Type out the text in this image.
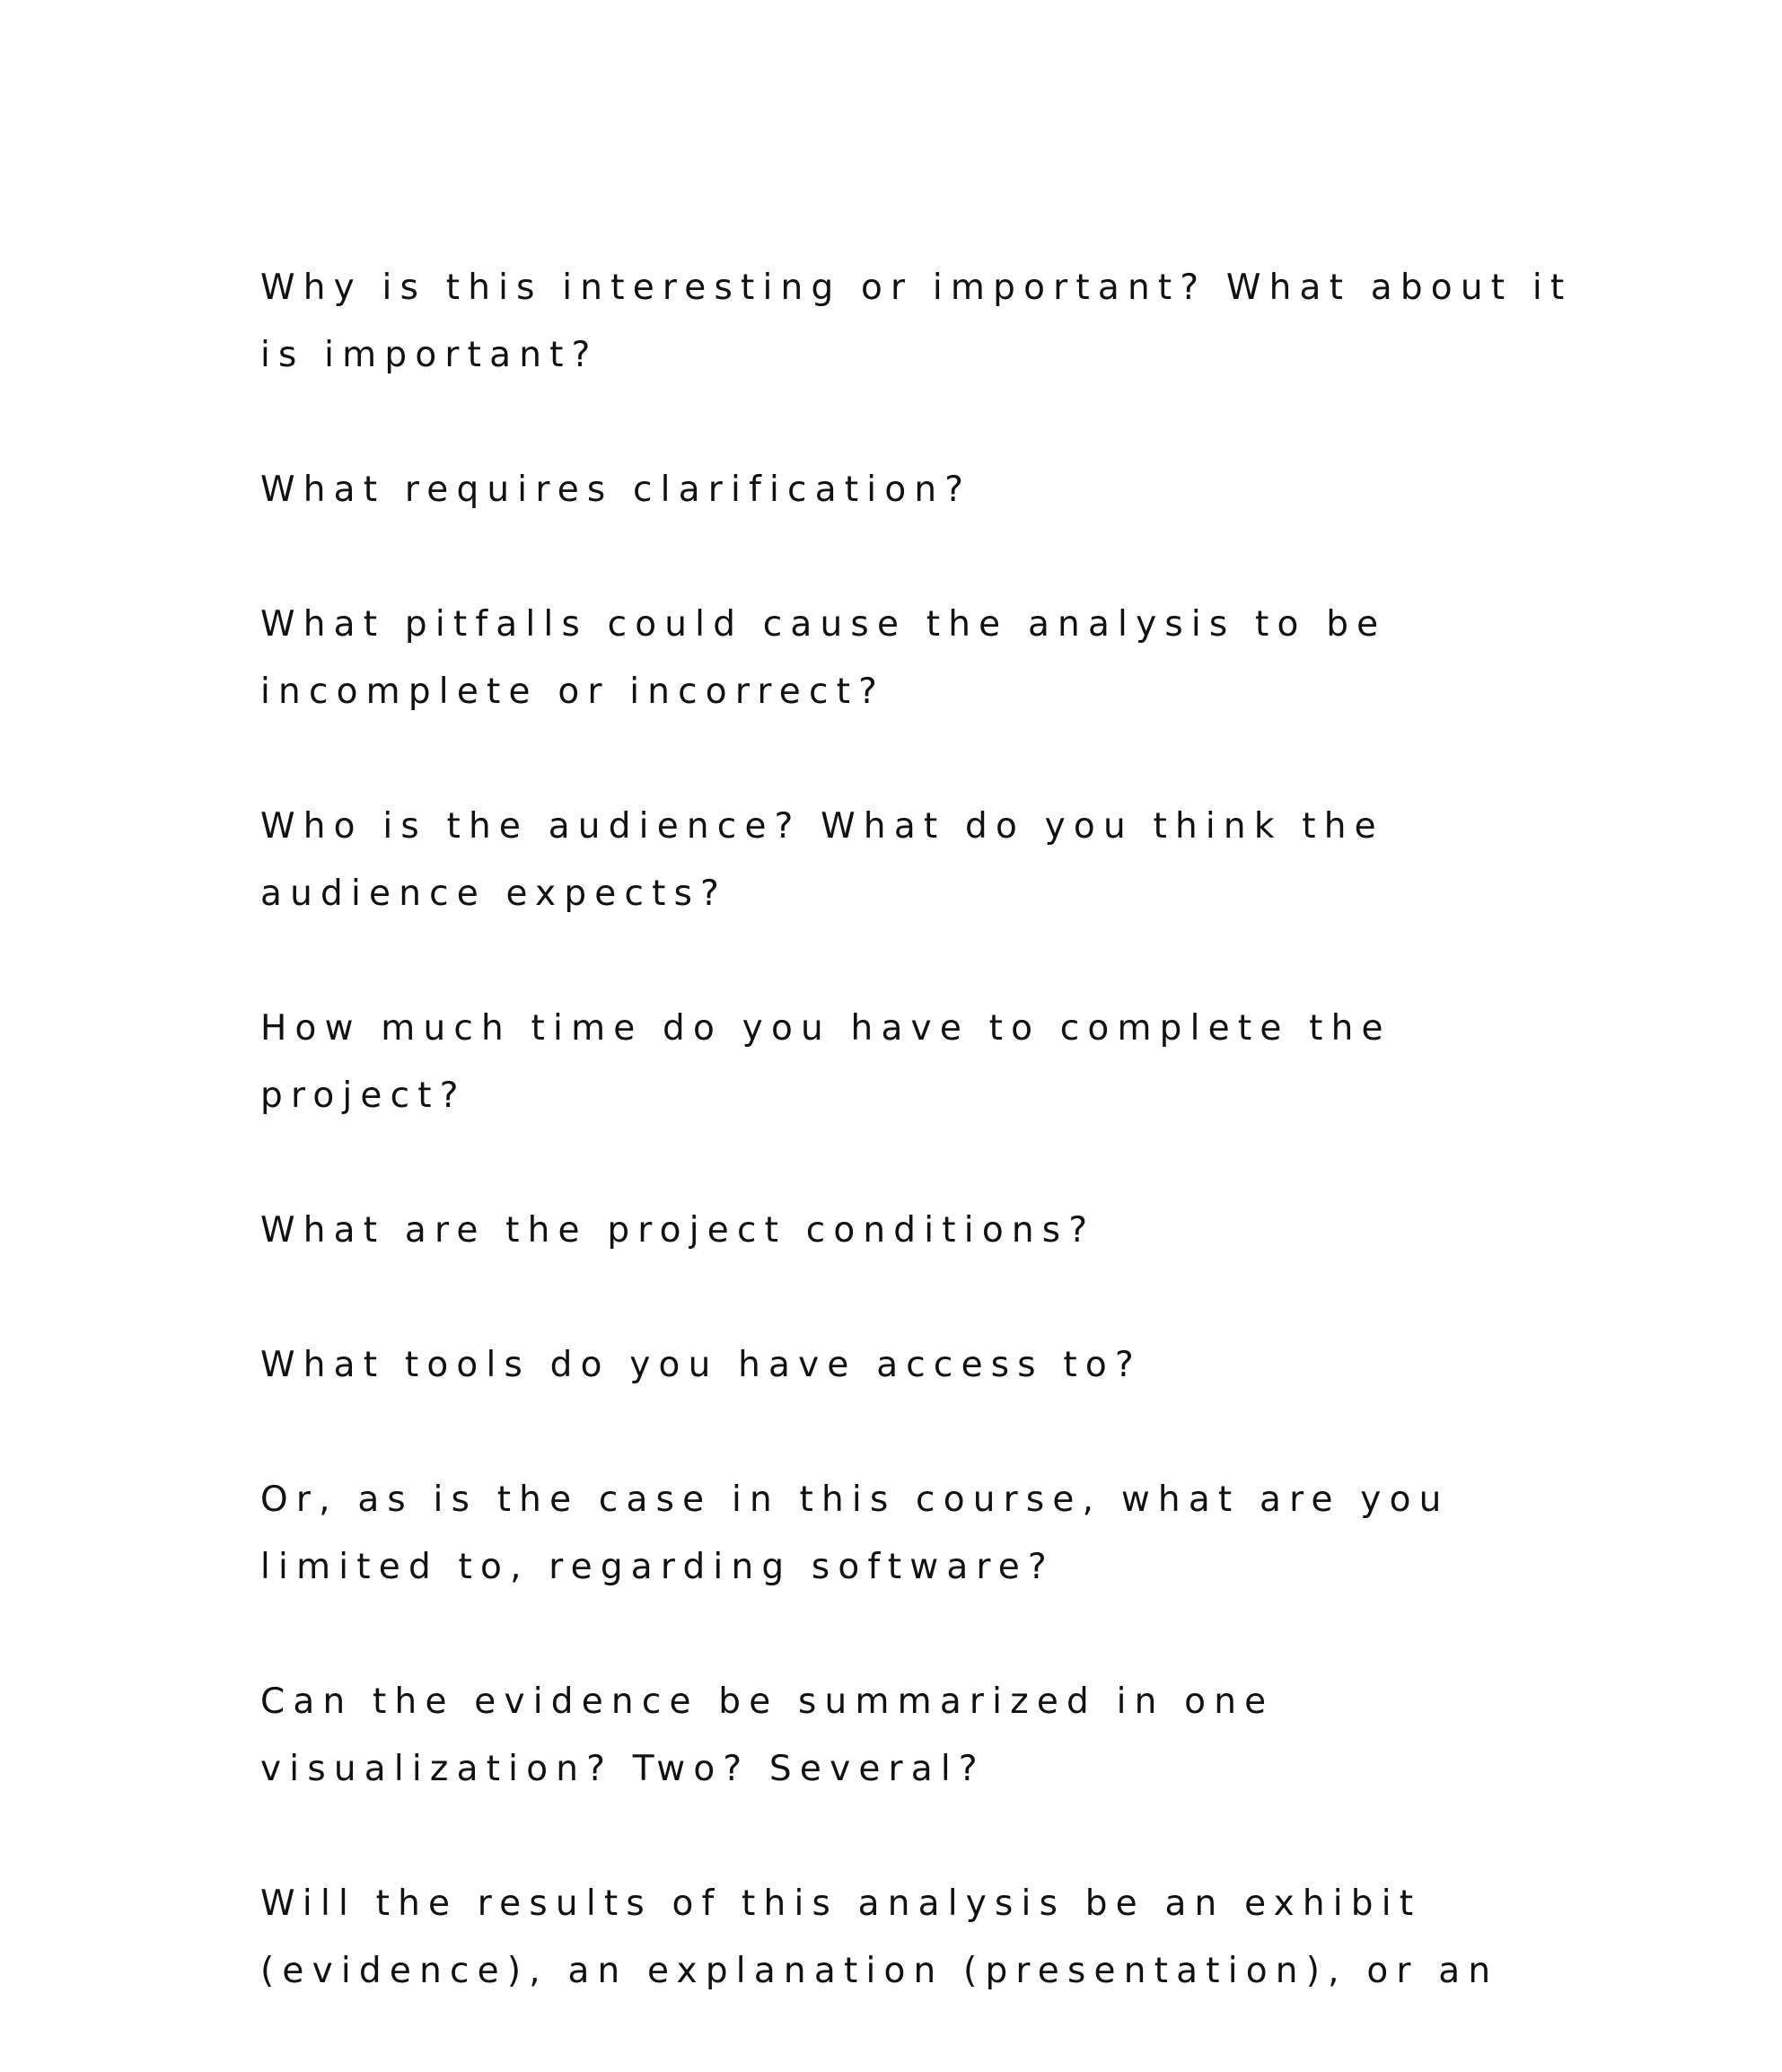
Why is this interesting or important? What about it
is important?
What requires clarification?
What pitfalls could cause the analysis to be
incomplete or incorrect?
Who is the audience? What do you think the
audience expects?
How much time do you have to complete the
project?
What are the project conditions?
What tools do you have access to?
Or, as is the case in this course, what are you
limited to, regarding software?
Can the evidence be summarized in one
visualization? Two? Several?
Will the results of this analysis be an exhibit
(evidence), an explanation (presentation), or an
